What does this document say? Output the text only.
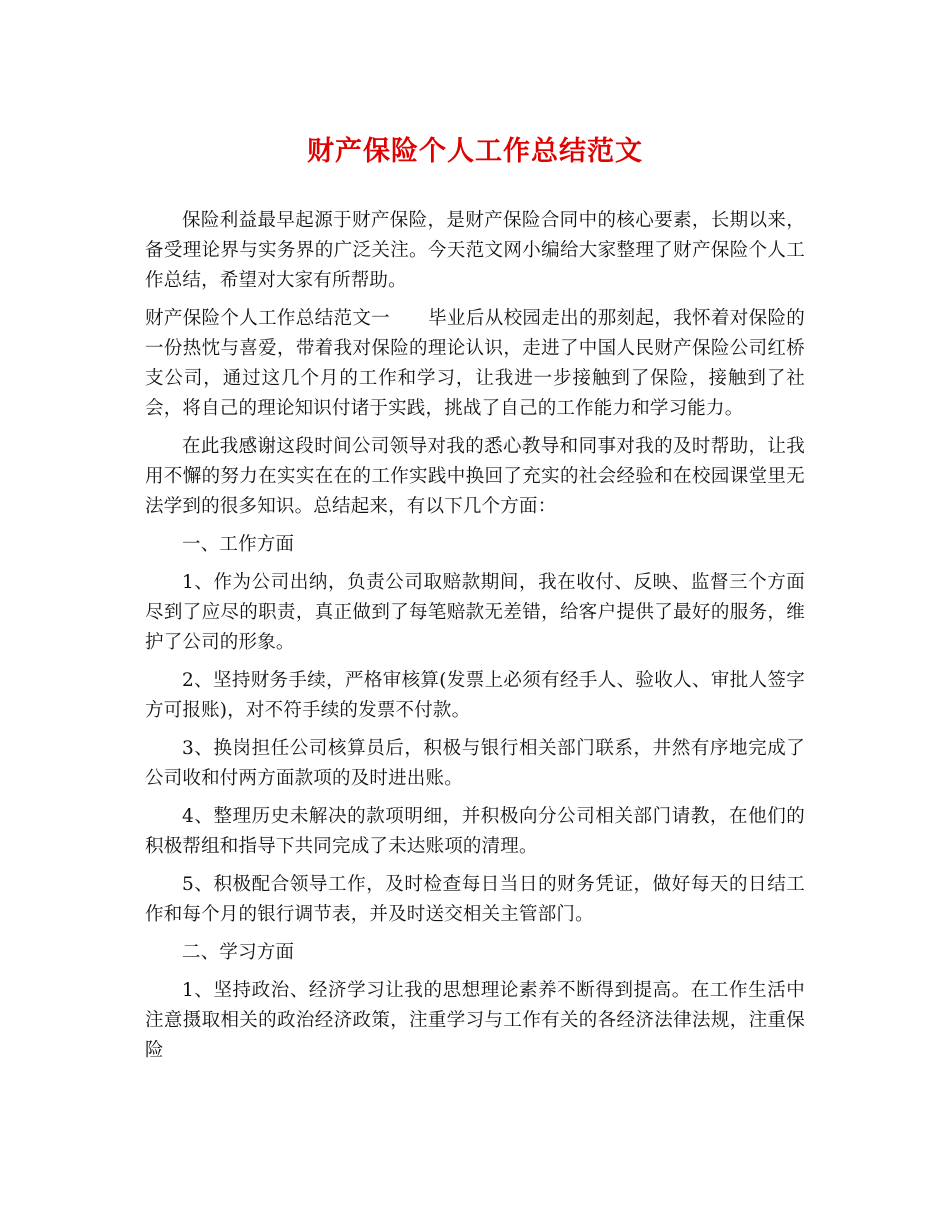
财产保险个人工作总结范文

保险利益最早起源于财产保险，是财产保险合同中的核心要素，长期以来，备受理论界与实务界的广泛关注。今天范文网小编给大家整理了财产保险个人工作总结，希望对大家有所帮助。

财产保险个人工作总结范文一 毕业后从校园走出的那刻起，我怀着对保险的一份热忱与喜爱，带着我对保险的理论认识，走进了中国人民财产保险公司红桥支公司，通过这几个月的工作和学习，让我进一步接触到了保险，接触到了社会，将自己的理论知识付诸于实践，挑战了自己的工作能力和学习能力。

在此我感谢这段时间公司领导对我的悉心教导和同事对我的及时帮助，让我用不懈的努力在实实在在的工作实践中换回了充实的社会经验和在校园课堂里无法学到的很多知识。总结起来，有以下几个方面：

一、工作方面

1、作为公司出纳，负责公司取赔款期间，我在收付、反映、监督三个方面尽到了应尽的职责，真正做到了每笔赔款无差错，给客户提供了最好的服务，维护了公司的形象。

2、坚持财务手续，严格审核算(发票上必须有经手人、验收人、审批人签字方可报账)，对不符手续的发票不付款。

3、换岗担任公司核算员后，积极与银行相关部门联系，井然有序地完成了公司收和付两方面款项的及时进出账。

4、整理历史未解决的款项明细，并积极向分公司相关部门请教，在他们的积极帮组和指导下共同完成了未达账项的清理。

5、积极配合领导工作，及时检查每日当日的财务凭证，做好每天的日结工作和每个月的银行调节表，并及时送交相关主管部门。

二、学习方面

1、坚持政治、经济学习让我的思想理论素养不断得到提高。在工作生活中注意摄取相关的政治经济政策，注重学习与工作有关的各经济法律法规，注重保险
